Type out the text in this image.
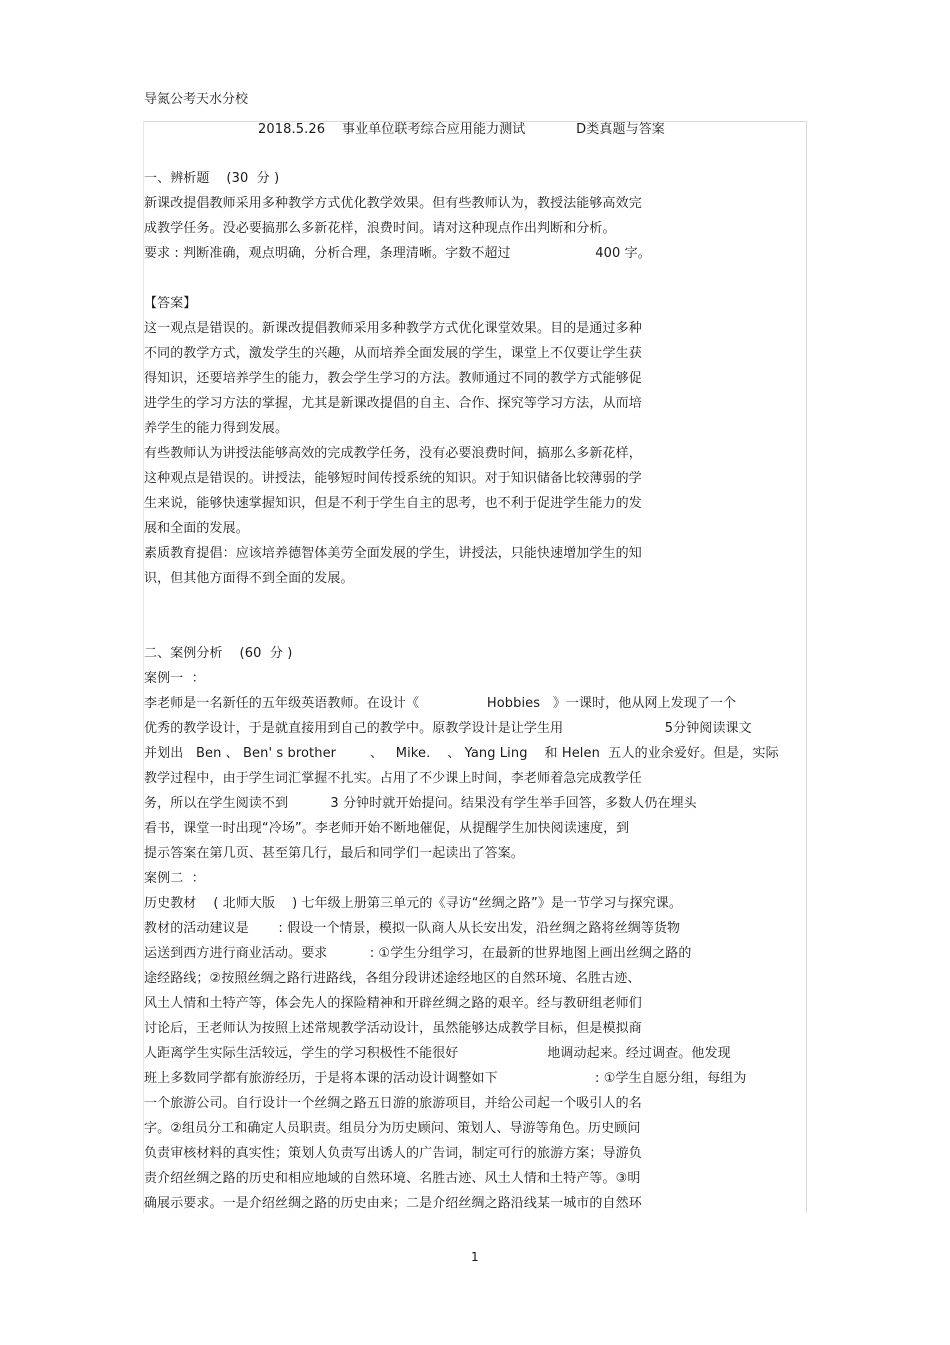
导氮公考天水分校
2018.5.26    事业单位联考综合应用能力测试            D类真题与答案
一、辨析题    (30  分 )
新课改提倡教师采用多种教学方式优化教学效果。但有些教师认为，教授法能够高效完
成教学任务。没必要搞那么多新花样，浪费时间。请对这种现点作出判断和分析。
要求 : 判断准确，观点明确，分析合理，条理清晰。字数不超过                    400 字。
【答案】
这一观点是错误的。新课改提倡教师采用多种教学方式优化课堂效果。目的是通过多种
不同的教学方式，激发学生的兴趣，从而培养全面发展的学生，课堂上不仅要让学生获
得知识，还要培养学生的能力，教会学生学习的方法。教师通过不同的教学方式能够促
进学生的学习方法的掌握，尤其是新课改提倡的自主、合作、探究等学习方法，从而培
养学生的能力得到发展。
有些教师认为讲授法能够高效的完成教学任务，没有必要浪费时间，搞那么多新花样，
这种观点是错误的。讲授法，能够短时间传授系统的知识。对于知识储备比较薄弱的学
生来说，能够快速掌握知识，但是不利于学生自主的思考，也不利于促进学生能力的发
展和全面的发展。
素质教育提倡：应该培养德智体美劳全面发展的学生，讲授法，只能快速增加学生的知
识，但其他方面得不到全面的发展。
二、案例分析    (60  分 )
案例一  ：
李老师是一名新任的五年级英语教师。在设计《                Hobbies   》一课时，他从网上发现了一个
优秀的教学设计，于是就直接用到自己的教学中。原教学设计是让学生用                        5分钟阅读课文
并划出   Ben 、 Ben' s brother        、   Mike.    、 Yang Ling    和 Helen  五人的业余爱好。但是，实际
教学过程中，由于学生词汇掌握不扎实。占用了不少课上时间，李老师着急完成教学任
务，所以在学生阅读不到          3 分钟时就开始提问。结果没有学生举手回答，多数人仍在埋头
看书，课堂一时出现“冷场”。李老师开始不断地催促，从提醒学生加快阅读速度，到
提示答案在第几页、甚至第几行，最后和同学们一起读出了答案。
案例二  ：
历史教材    ( 北师大版    ) 七年级上册第三单元的《寻访“丝绸之路”》是一节学习与探究课。
教材的活动建议是       : 假设一个情景，模拟一队商人从长安出发，沿丝绸之路将丝绸等货物
运送到西方进行商业活动。要求          : ①学生分组学习，在最新的世界地图上画出丝绸之路的
途经路线；②按照丝绸之路行进路线，各组分段讲述途经地区的自然环境、名胜古迹、
风土人情和土特产等，体会先人的探险精神和开辟丝绸之路的艰辛。经与教研组老师们
讨论后，王老师认为按照上述常规教学活动设计，虽然能够达成教学目标，但是模拟商
人距离学生实际生活较远，学生的学习积极性不能很好                     地调动起来。经过调查。他发现
班上多数同学都有旅游经历，于是将本课的活动设计调整如下                       : ①学生自愿分组，每组为
一个旅游公司。自行设计一个丝绸之路五日游的旅游项目，并给公司起一个吸引人的名
字。②组员分工和确定人员职责。组员分为历史顾问、策划人、导游等角色。历史顾问
负责审核材料的真实性；策划人负责写出诱人的广告词，制定可行的旅游方案；导游负
责介绍丝绸之路的历史和相应地域的自然环境、名胜古迹、风土人情和土特产等。③明
确展示要求。一是介绍丝绸之路的历史由来；二是介绍丝绸之路沿线某一城市的自然环
1
